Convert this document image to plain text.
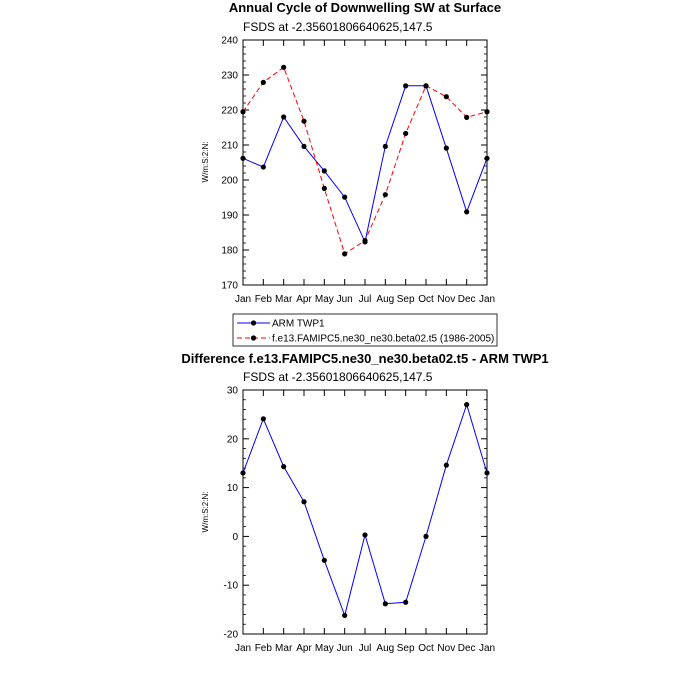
Annual Cycle of Downwelling SW at Surface
FSDS at -2.35601806640625,147.5
W/m:S:2:N:
170
180
190
200
210
220
230
240
Jan Feb Mar Apr May Jun Jul Aug Sep Oct Nov Dec Jan
ARM TWP1
f.e13.FAMIPC5.ne30_ne30.beta02.t5 (1986-2005)
Difference f.e13.FAMIPC5.ne30_ne30.beta02.t5 - ARM TWP1
FSDS at -2.35601806640625,147.5
W/m:S:2:N:
-20
-10
0
10
20
30
Jan Feb Mar Apr May Jun Jul Aug Sep Oct Nov Dec Jan
